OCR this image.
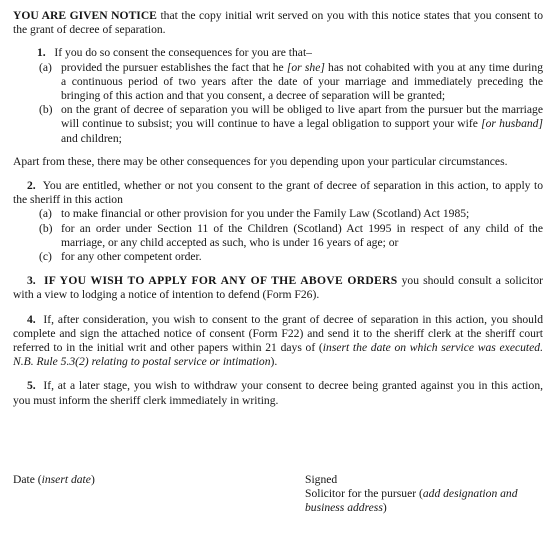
YOU ARE GIVEN NOTICE that the copy initial writ served on you with this notice states that you consent to the grant of decree of separation.

1. If you do so consent the consequences for you are that–

(a) provided the pursuer establishes the fact that he [or she] has not cohabited with you at any time during a continuous period of two years after the date of your marriage and immediately preceding the bringing of this action and that you consent, a decree of separation will be granted;

(b) on the grant of decree of separation you will be obliged to live apart from the pursuer but the marriage will continue to subsist; you will continue to have a legal obligation to support your wife [or husband] and children;

Apart from these, there may be other consequences for you depending upon your particular circumstances.

2. You are entitled, whether or not you consent to the grant of decree of separation in this action, to apply to the sheriff in this action

(a) to make financial or other provision for you under the Family Law (Scotland) Act 1985;

(b) for an order under Section 11 of the Children (Scotland) Act 1995 in respect of any child of the marriage, or any child accepted as such, who is under 16 years of age; or

(c) for any other competent order.

3. IF YOU WISH TO APPLY FOR ANY OF THE ABOVE ORDERS you should consult a solicitor with a view to lodging a notice of intention to defend (Form F26).

4. If, after consideration, you wish to consent to the grant of decree of separation in this action, you should complete and sign the attached notice of consent (Form F22) and send it to the sheriff clerk at the sheriff court referred to in the initial writ and other papers within 21 days of (insert the date on which service was executed. N.B. Rule 5.3(2) relating to postal service or intimation).

5. If, at a later stage, you wish to withdraw your consent to decree being granted against you in this action, you must inform the sheriff clerk immediately in writing.

Date (insert date)	Signed
Solicitor for the pursuer (add designation and business address)
